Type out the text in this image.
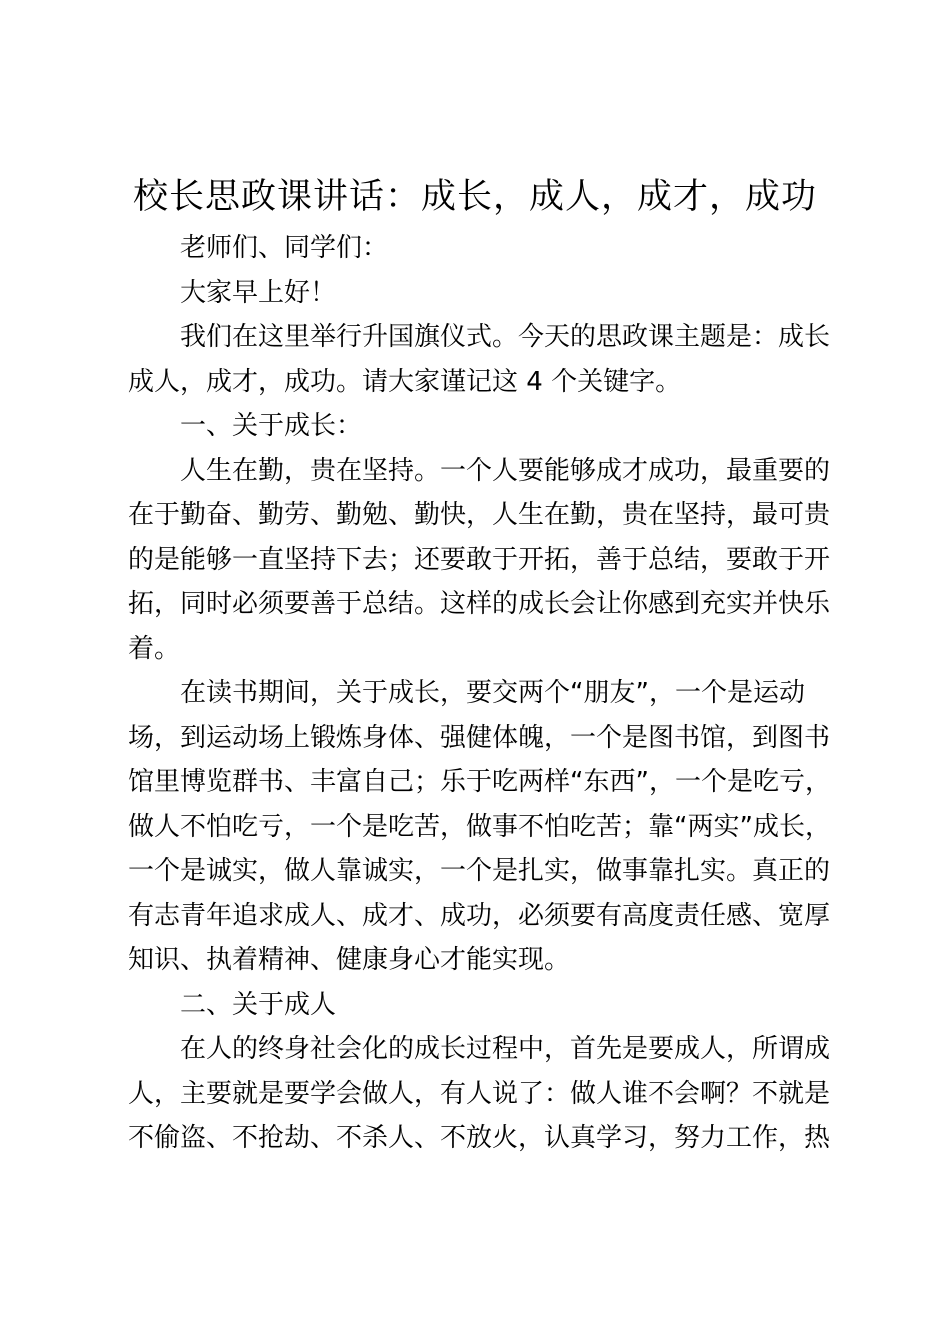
校长思政课讲话：成长，成人，成才，成功
老师们、同学们：
大家早上好！
我们在这里举行升国旗仪式。今天的思政课主题是：成长
成人，成才，成功。请大家谨记这 4 个关键字。
一、关于成长：
人生在勤，贵在坚持。一个人要能够成才成功，最重要的
在于勤奋、勤劳、勤勉、勤快，人生在勤，贵在坚持，最可贵
的是能够一直坚持下去；还要敢于开拓，善于总结，要敢于开
拓，同时必须要善于总结。这样的成长会让你感到充实并快乐
着。
在读书期间，关于成长，要交两个“朋友”，一个是运动
场，到运动场上锻炼身体、强健体魄，一个是图书馆，到图书
馆里博览群书、丰富自己；乐于吃两样“东西”，一个是吃亏，
做人不怕吃亏，一个是吃苦，做事不怕吃苦；靠“两实”成长，
一个是诚实，做人靠诚实，一个是扎实，做事靠扎实。真正的
有志青年追求成人、成才、成功，必须要有高度责任感、宽厚
知识、执着精神、健康身心才能实现。
二、关于成人
在人的终身社会化的成长过程中，首先是要成人，所谓成
人，主要就是要学会做人，有人说了：做人谁不会啊？不就是
不偷盗、不抢劫、不杀人、不放火，认真学习，努力工作，热
